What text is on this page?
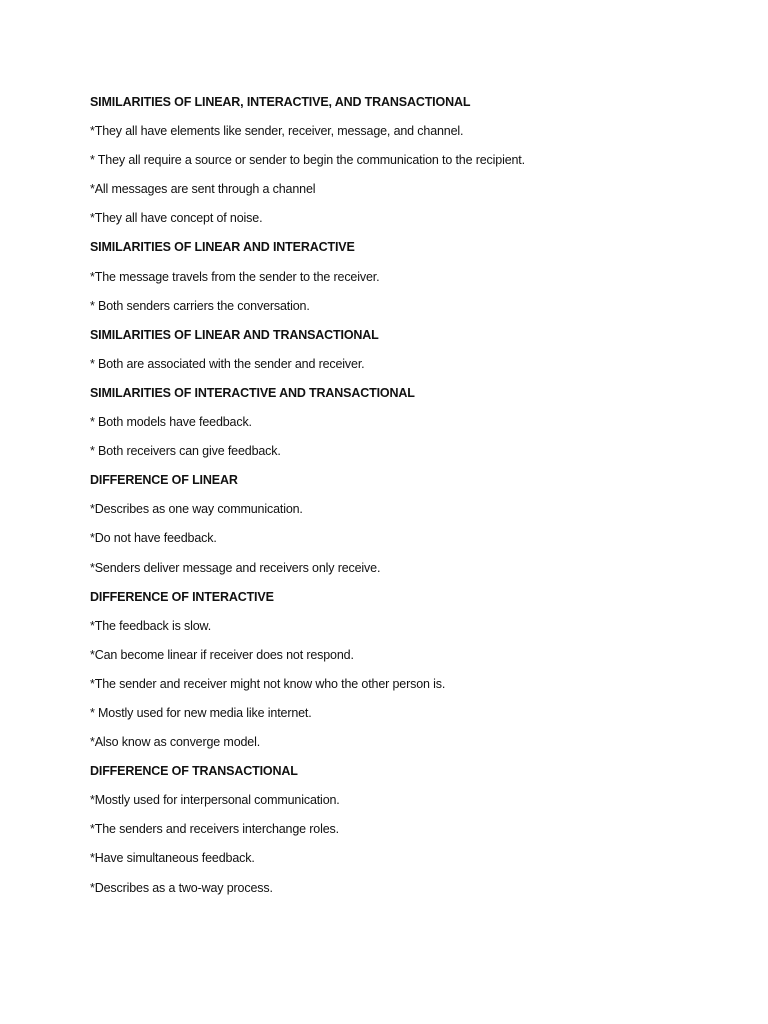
SIMILARITIES OF LINEAR, INTERACTIVE, AND TRANSACTIONAL
*They all have elements like sender, receiver, message, and channel.
* They all require a source or sender to begin the communication to the recipient.
*All messages are sent through a channel
*They all have concept of noise.
SIMILARITIES OF LINEAR AND INTERACTIVE
*The message travels from the sender to the receiver.
* Both senders carriers the conversation.
SIMILARITIES OF LINEAR AND TRANSACTIONAL
* Both are associated with the sender and receiver.
SIMILARITIES OF INTERACTIVE AND TRANSACTIONAL
* Both models have feedback.
* Both receivers can give feedback.
DIFFERENCE OF LINEAR
*Describes as one way communication.
*Do not have feedback.
*Senders deliver message and receivers only receive.
DIFFERENCE OF INTERACTIVE
*The feedback is slow.
*Can become linear if receiver does not respond.
*The sender and receiver might not know who the other person is.
* Mostly used for new media like internet.
*Also know as converge model.
DIFFERENCE OF TRANSACTIONAL
*Mostly used for interpersonal communication.
*The senders and receivers interchange roles.
*Have simultaneous feedback.
*Describes as a two-way process.
